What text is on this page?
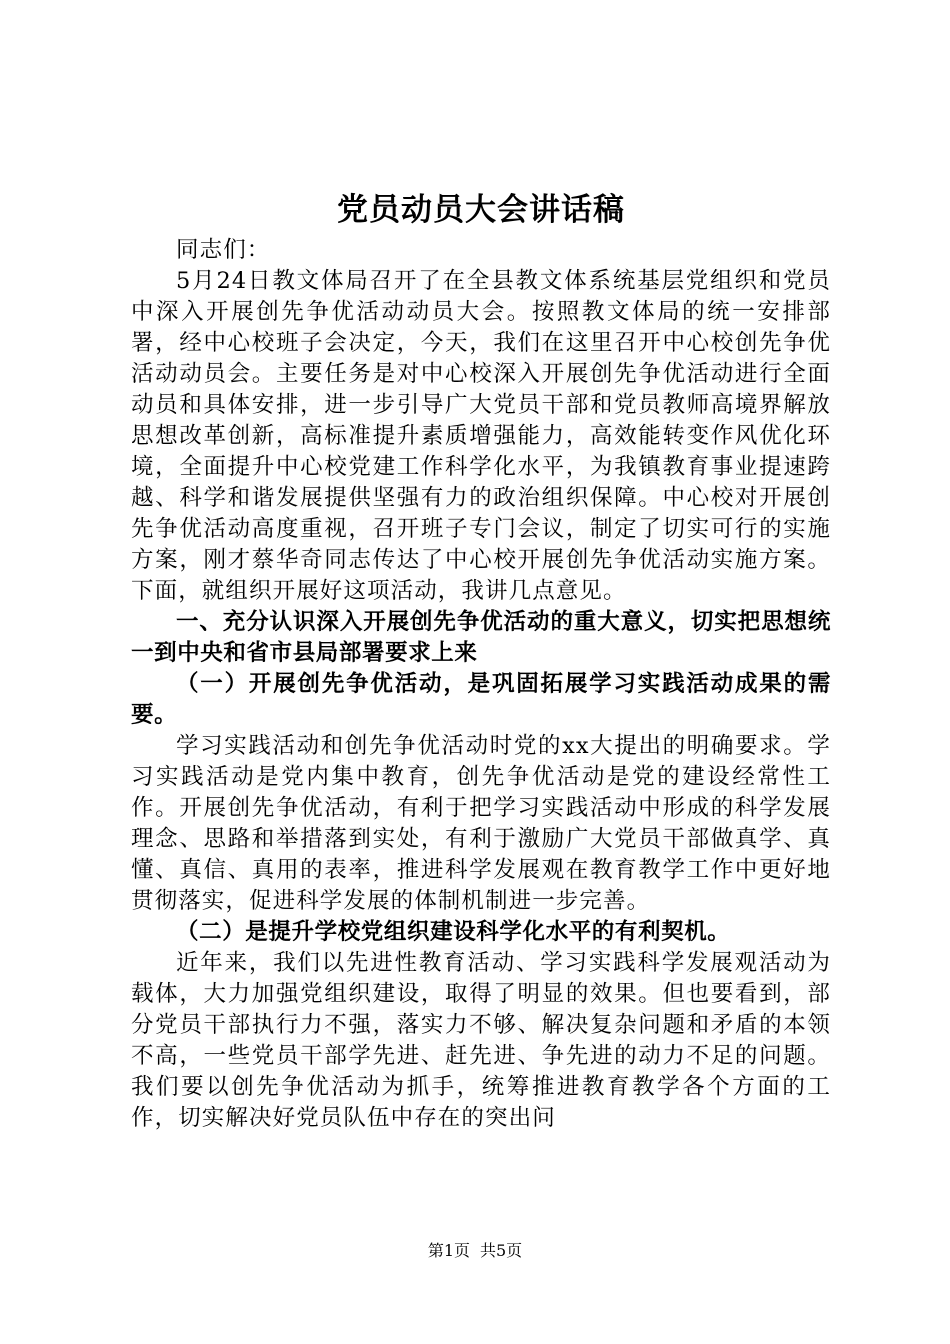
党员动员大会讲话稿

同志们：

5月24日教文体局召开了在全县教文体系统基层党组织和党员中深入开展创先争优活动动员大会。按照教文体局的统一安排部署，经中心校班子会决定，今天，我们在这里召开中心校创先争优活动动员会。主要任务是对中心校深入开展创先争优活动进行全面动员和具体安排，进一步引导广大党员干部和党员教师高境界解放思想改革创新，高标准提升素质增强能力，高效能转变作风优化环境，全面提升中心校党建工作科学化水平，为我镇教育事业提速跨越、科学和谐发展提供坚强有力的政治组织保障。中心校对开展创先争优活动高度重视，召开班子专门会议，制定了切实可行的实施方案，刚才蔡华奇同志传达了中心校开展创先争优活动实施方案。下面，就组织开展好这项活动，我讲几点意见。

一、充分认识深入开展创先争优活动的重大意义，切实把思想统一到中央和省市县局部署要求上来

（一）开展创先争优活动，是巩固拓展学习实践活动成果的需要。

学习实践活动和创先争优活动时党的xx大提出的明确要求。学习实践活动是党内集中教育，创先争优活动是党的建设经常性工作。开展创先争优活动，有利于把学习实践活动中形成的科学发展理念、思路和举措落到实处，有利于激励广大党员干部做真学、真懂、真信、真用的表率，推进科学发展观在教育教学工作中更好地贯彻落实，促进科学发展的体制机制进一步完善。

（二）是提升学校党组织建设科学化水平的有利契机。

近年来，我们以先进性教育活动、学习实践科学发展观活动为载体，大力加强党组织建设，取得了明显的效果。但也要看到，部分党员干部执行力不强，落实力不够、解决复杂问题和矛盾的本领不高，一些党员干部学先进、赶先进、争先进的动力不足的问题。我们要以创先争优活动为抓手，统筹推进教育教学各个方面的工作，切实解决好党员队伍中存在的突出问

第1页 共5页
